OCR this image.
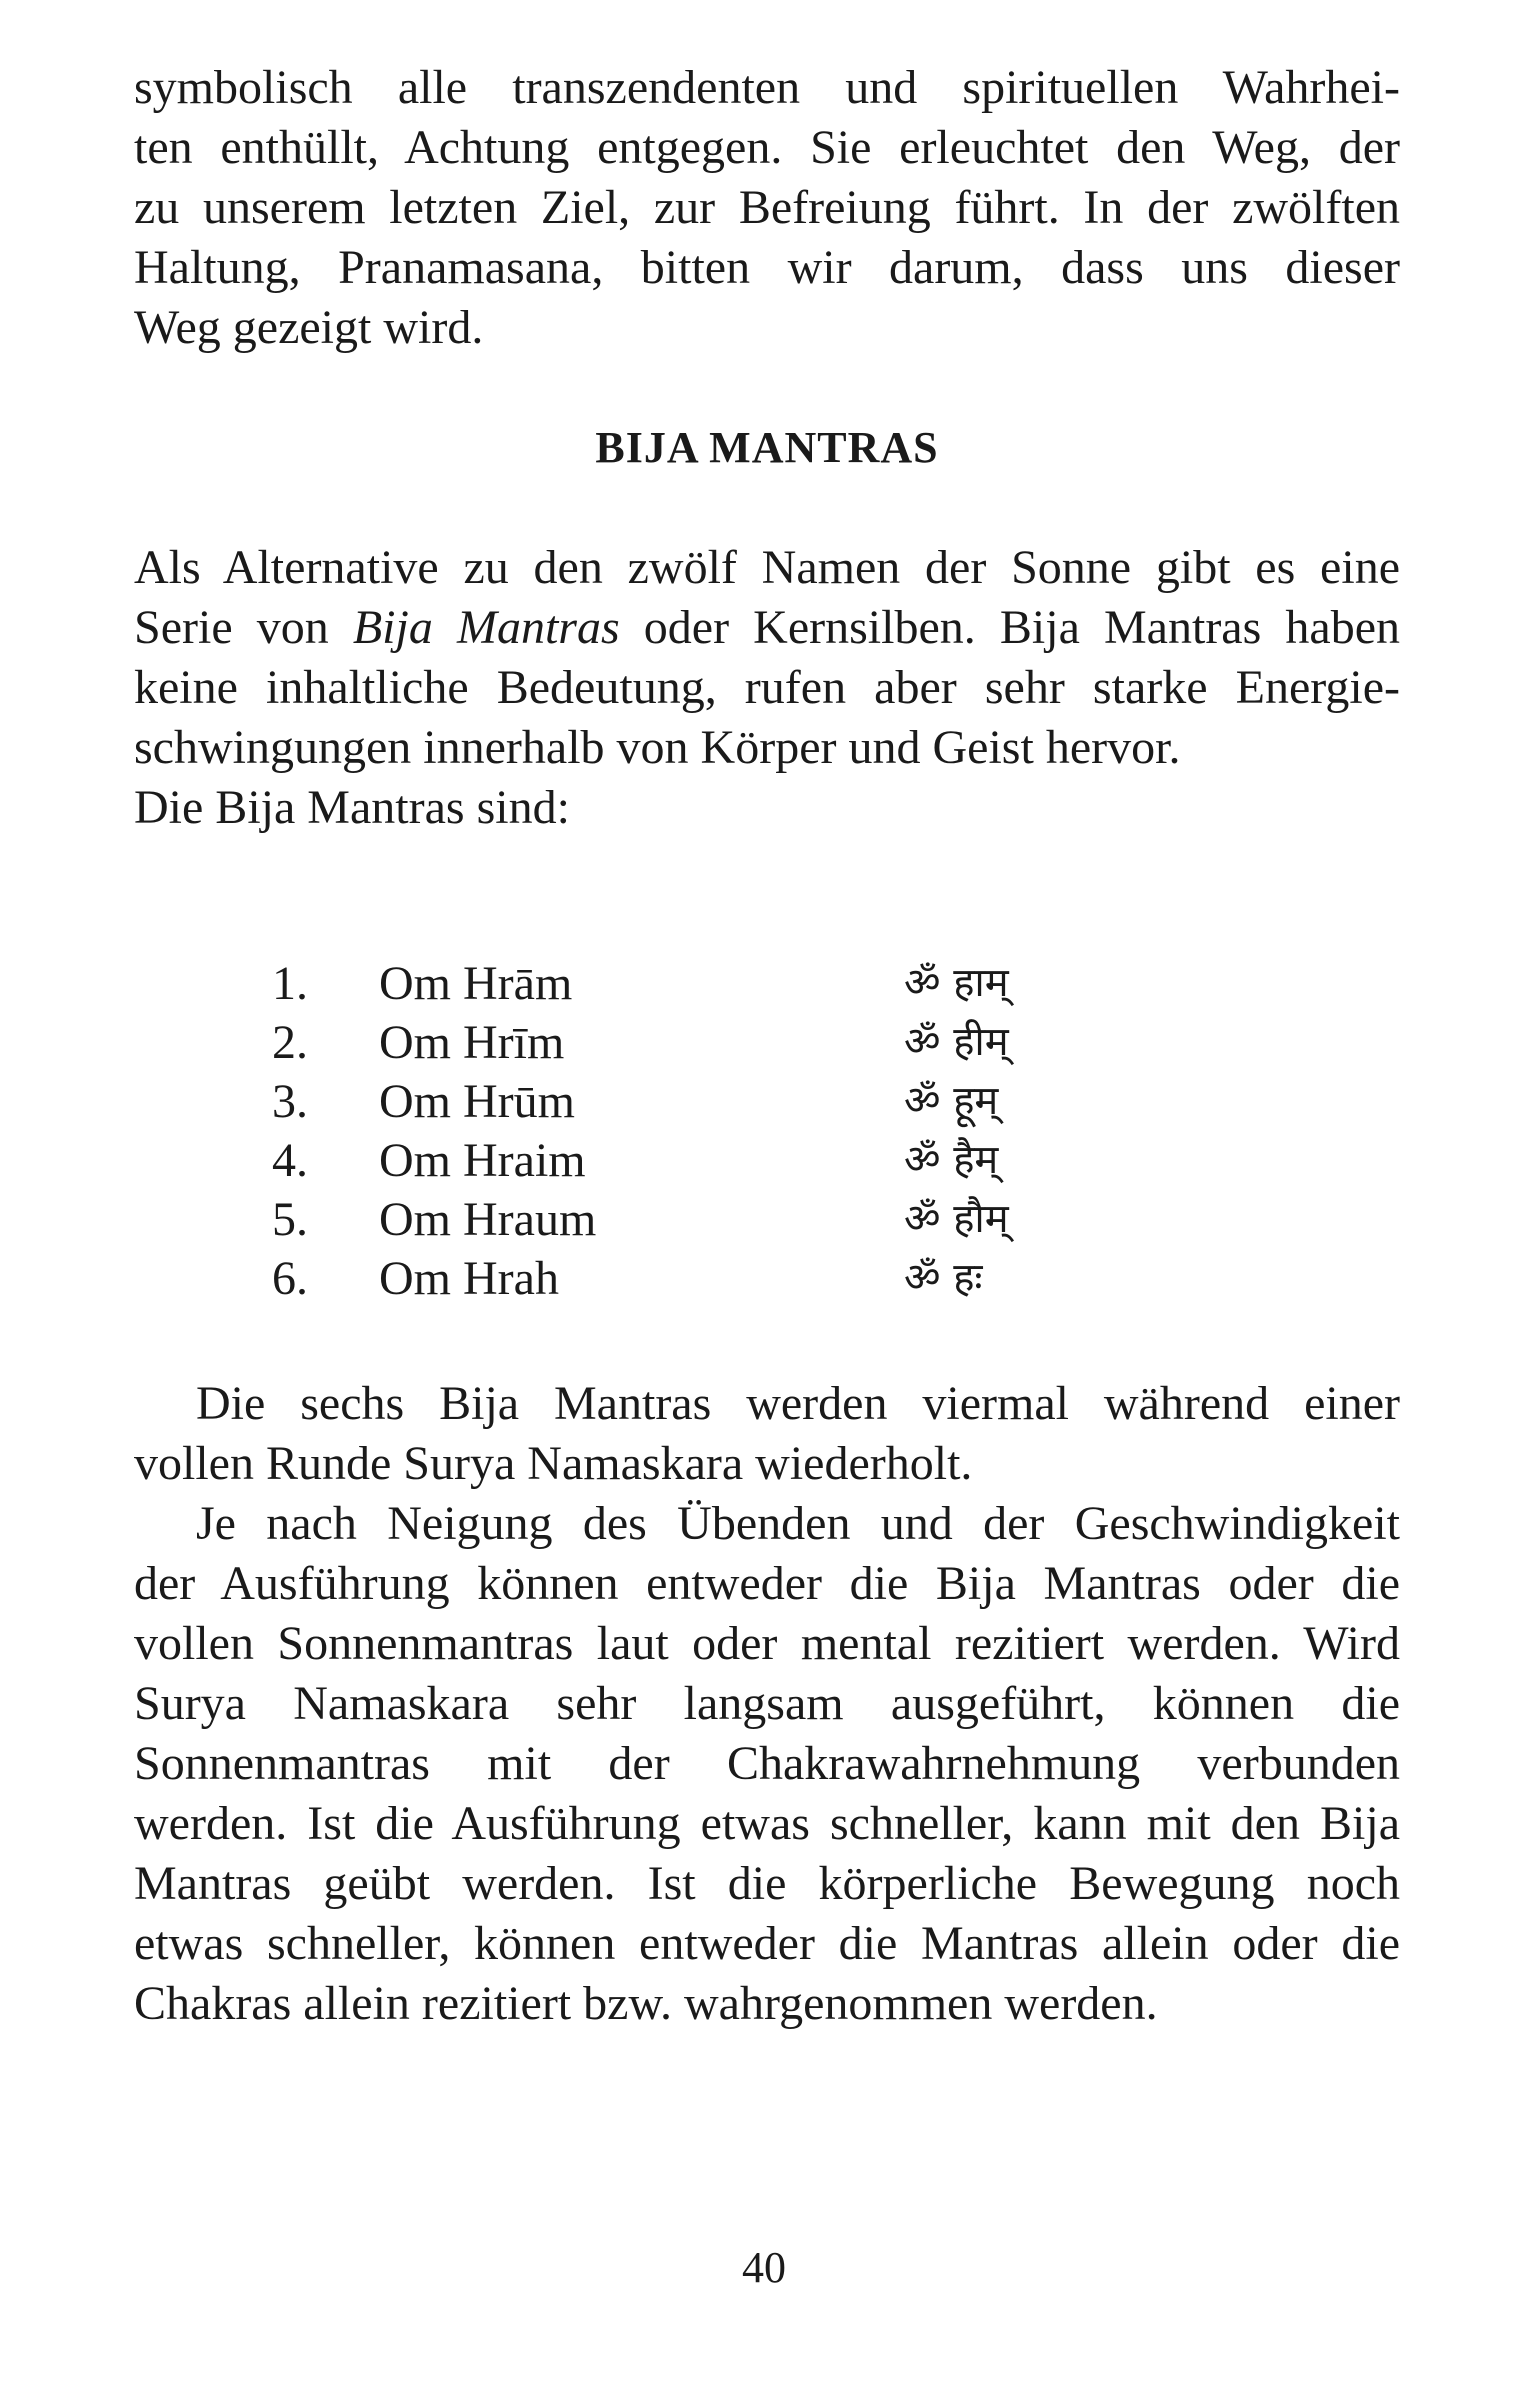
symbolisch alle transzendenten und spirituellen Wahrhei-
ten enthüllt, Achtung entgegen. Sie erleuchtet den Weg, der
zu unserem letzten Ziel, zur Befreiung führt. In der zwölften
Haltung, Pranamasana, bitten wir darum, dass uns dieser
Weg gezeigt wird.

BIJA MANTRAS

Als Alternative zu den zwölf Namen der Sonne gibt es eine
Serie von Bija Mantras oder Kernsilben. Bija Mantras haben
keine inhaltliche Bedeutung, rufen aber sehr starke Energie-
schwingungen innerhalb von Körper und Geist hervor.
Die Bija Mantras sind:

1.	Om Hrām	ॐ हाम्
2.	Om Hrīm	ॐ हीम्
3.	Om Hrūm	ॐ हूम्
4.	Om Hraim	ॐ हैम्
5.	Om Hraum	ॐ हौम्
6.	Om Hrah	ॐ हः

Die sechs Bija Mantras werden viermal während einer
vollen Runde Surya Namaskara wiederholt.

Je nach Neigung des Übenden und der Geschwindigkeit
der Ausführung können entweder die Bija Mantras oder die
vollen Sonnenmantras laut oder mental rezitiert werden. Wird
Surya Namaskara sehr langsam ausgeführt, können die
Sonnenmantras mit der Chakrawahrnehmung verbunden
werden. Ist die Ausführung etwas schneller, kann mit den Bija
Mantras geübt werden. Ist die körperliche Bewegung noch
etwas schneller, können entweder die Mantras allein oder die
Chakras allein rezitiert bzw. wahrgenommen werden.

40
